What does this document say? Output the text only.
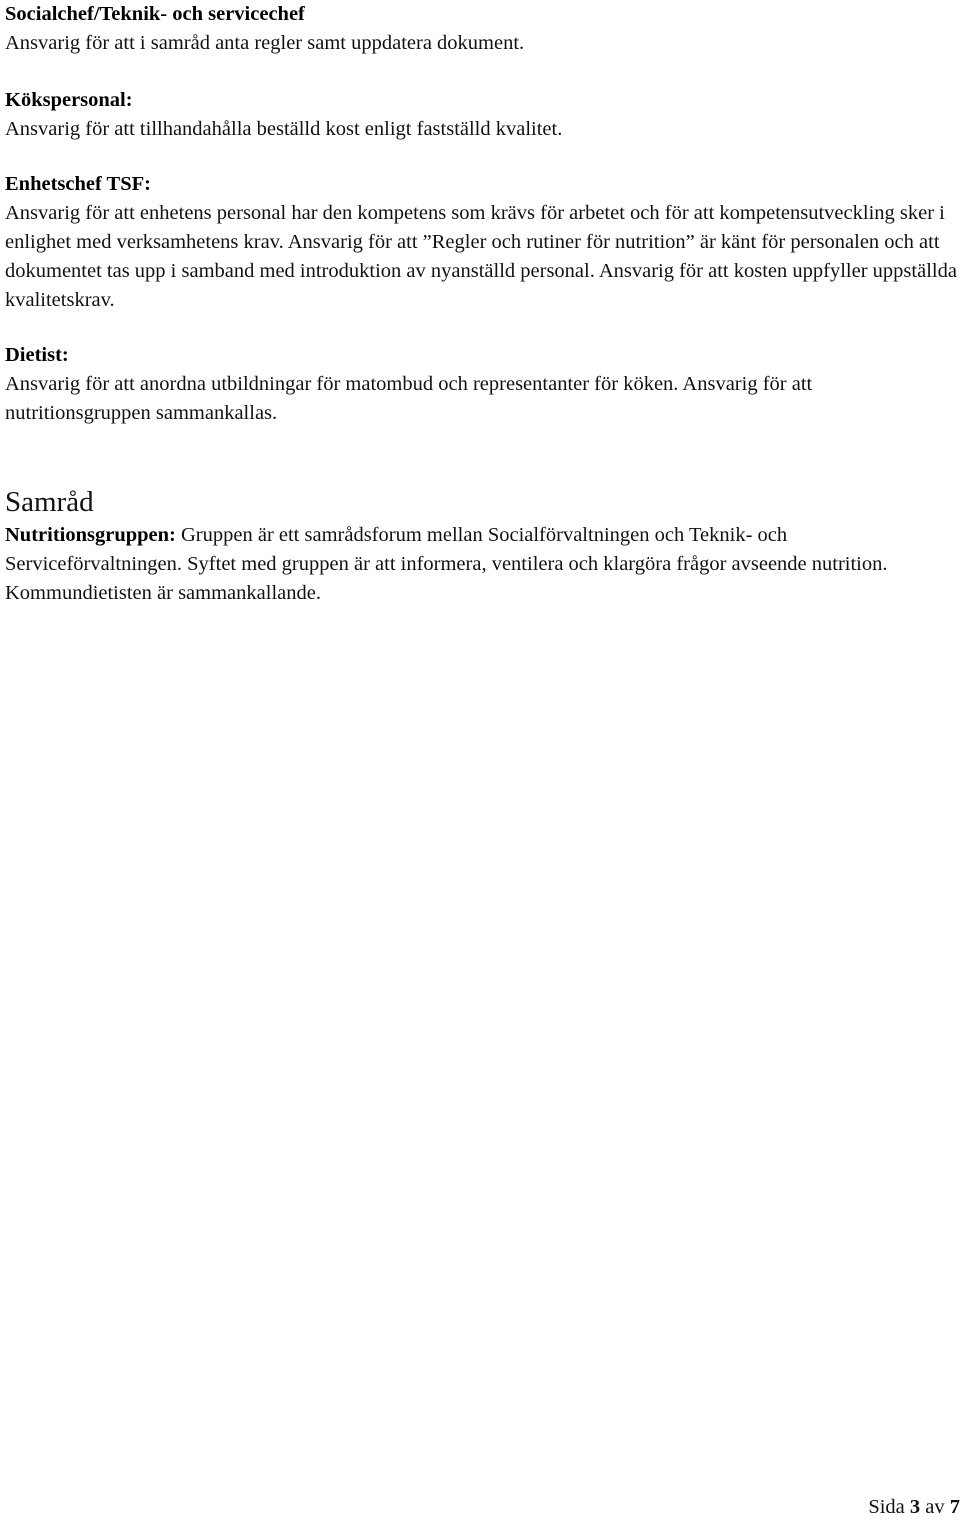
Socialchef/Teknik- och servicechef
Ansvarig för att i samråd anta regler samt uppdatera dokument.
Kökspersonal:
Ansvarig för att tillhandahålla beställd kost enligt fastställd kvalitet.
Enhetschef TSF:
Ansvarig för att enhetens personal har den kompetens som krävs för arbetet och för att kompetensutveckling sker i enlighet med verksamhetens krav. Ansvarig för att ”Regler och rutiner för nutrition” är känt för personalen och att dokumentet tas upp i samband med introduktion av nyanställd personal. Ansvarig för att kosten uppfyller uppställda kvalitetskrav.
Dietist:
Ansvarig för att anordna utbildningar för matombud och representanter för köken. Ansvarig för att nutritionsgruppen sammankallas.
Samråd
Nutritionsgruppen: Gruppen är ett samrådsforum mellan Socialförvaltningen och Teknik- och Serviceförvaltningen. Syftet med gruppen är att informera, ventilera och klargöra frågor avseende nutrition. Kommundietisten är sammankallande.
Sida 3 av 7
